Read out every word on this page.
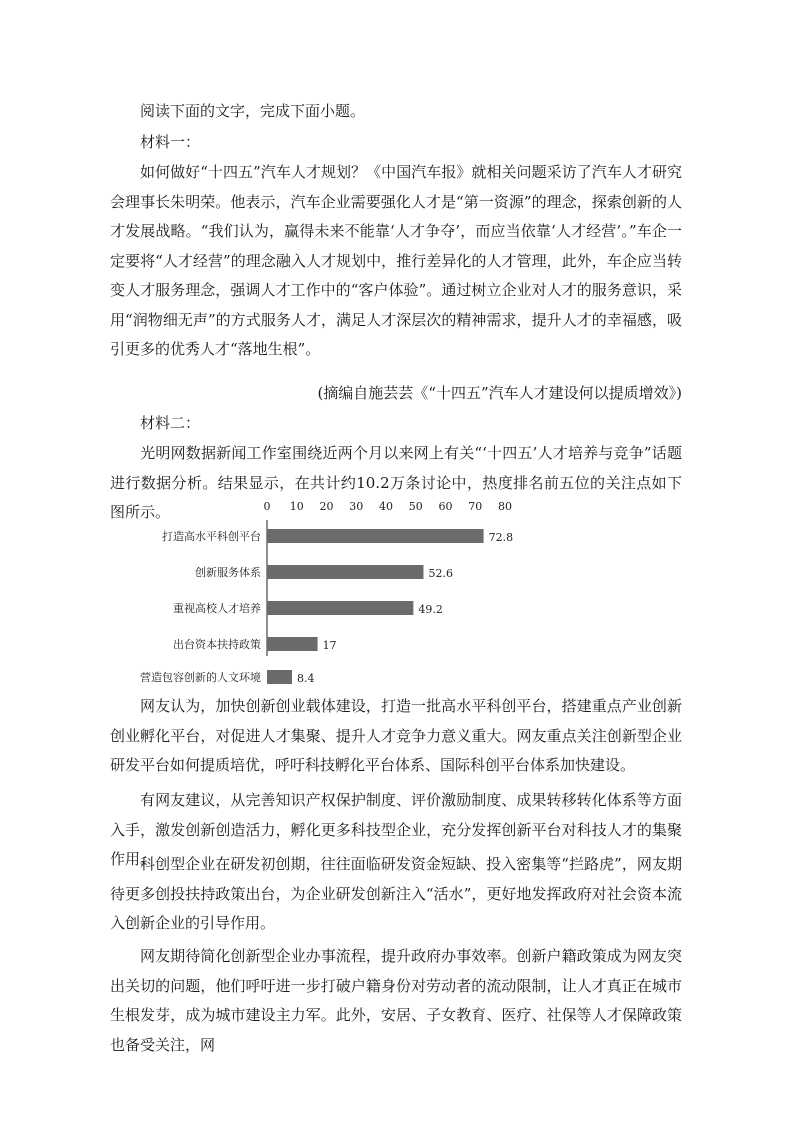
阅读下面的文字，完成下面小题。
材料一：
如何做好“十四五”汽车人才规划？《中国汽车报》就相关问题采访了汽车人才研究会理事长朱明荣。他表示，汽车企业需要强化人才是“第一资源”的理念，探索创新的人才发展战略。“我们认为，赢得未来不能靠‘人才争夺’，而应当依靠‘人才经营’。”车企一定要将“人才经营”的理念融入人才规划中，推行差异化的人才管理，此外，车企应当转变人才服务理念，强调人才工作中的“客户体验”。通过树立企业对人才的服务意识，采用“润物细无声”的方式服务人才，满足人才深层次的精神需求，提升人才的幸福感，吸引更多的优秀人才“落地生根”。
(摘编自施芸芸《“十四五”汽车人才建设何以提质增效》)
材料二：
光明网数据新闻工作室围绕近两个月以来网上有关“‘十四五’人才培养与竞争”话题进行数据分析。结果显示，在共计约10.2万条讨论中，热度排名前五位的关注点如下图所示。	0 10 20 30 40 50 60 70 80
打造高水平科创平台	72.8
创新服务体系	52.6
重视高校人才培养	49.2
出台资本扶持政策	17
营造包容创新的人文环境	8.4
网友认为，加快创新创业载体建设，打造一批高水平科创平台，搭建重点产业创新创业孵化平台，对促进人才集聚、提升人才竞争力意义重大。网友重点关注创新型企业研发平台如何提质培优，呼吁科技孵化平台体系、国际科创平台体系加快建设。
有网友建议，从完善知识产权保护制度、评价激励制度、成果转移转化体系等方面入手，激发创新创造活力，孵化更多科技型企业，充分发挥创新平台对科技人才的集聚作用。
科创型企业在研发初创期，往往面临研发资金短缺、投入密集等“拦路虎”，网友期待更多创投扶持政策出台，为企业研发创新注入“活水”，更好地发挥政府对社会资本流入创新企业的引导作用。
网友期待简化创新型企业办事流程，提升政府办事效率。创新户籍政策成为网友突出关切的问题，他们呼吁进一步打破户籍身份对劳动者的流动限制，让人才真正在城市生根发芽，成为城市建设主力军。此外，安居、子女教育、医疗、社保等人才保障政策也备受关注，网
